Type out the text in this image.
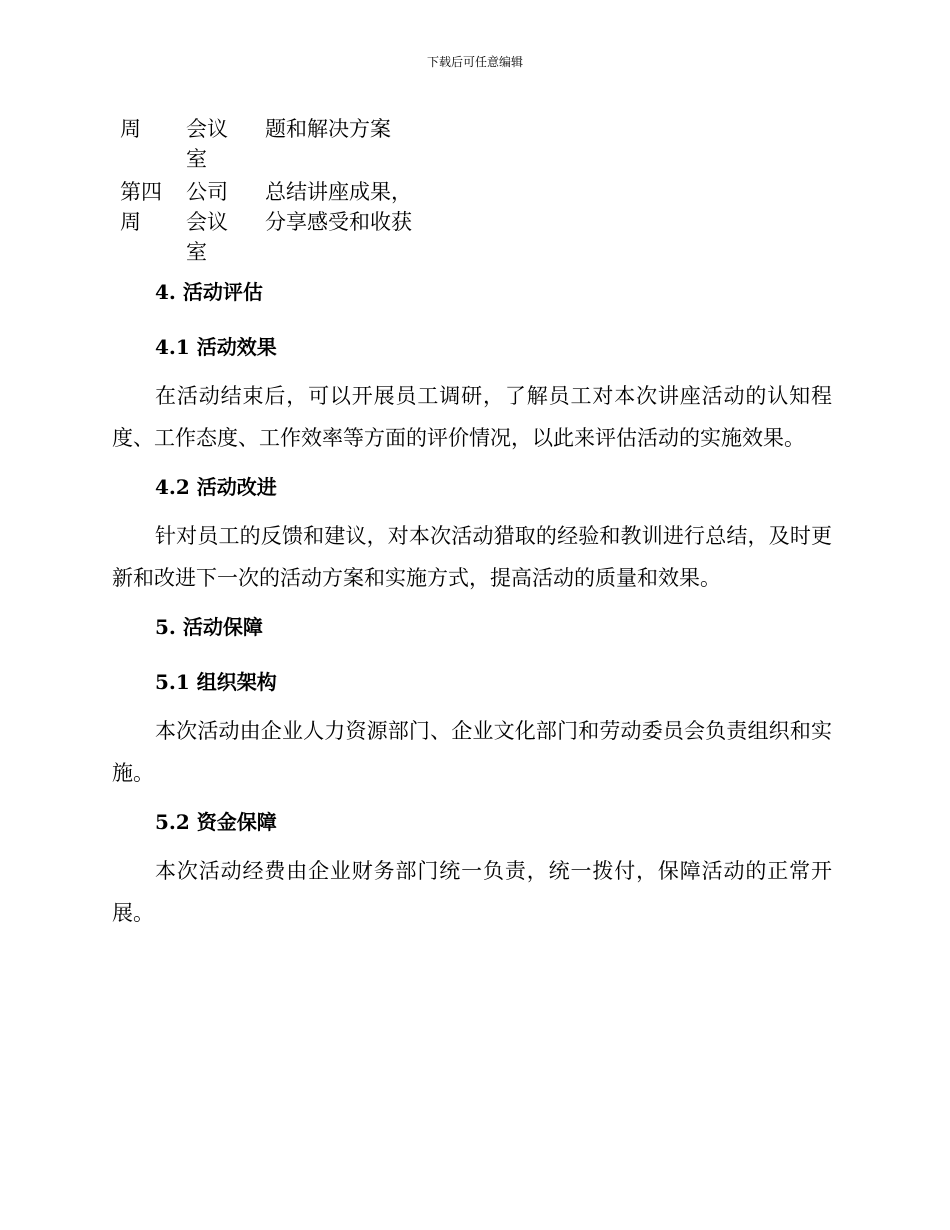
下载后可任意编辑
周	会议
室
题和解决方案
第四
周
公司
会议
室
总结讲座成果，
分享感受和收获
4. 活动评估
4.1 活动效果

在活动结束后，可以开展员工调研，了解员工对本次讲座活动的认知程度、工作态度、工作效率等方面的评价情况，以此来评估活动的实施效果。

4.2 活动改进

针对员工的反馈和建议，对本次活动猎取的经验和教训进行总结，及时更新和改进下一次的活动方案和实施方式，提高活动的质量和效果。

5. 活动保障
5.1 组织架构

本次活动由企业人力资源部门、企业文化部门和劳动委员会负责组织和实施。

5.2 资金保障

本次活动经费由企业财务部门统一负责，统一拨付，保障活动的正常开展。
